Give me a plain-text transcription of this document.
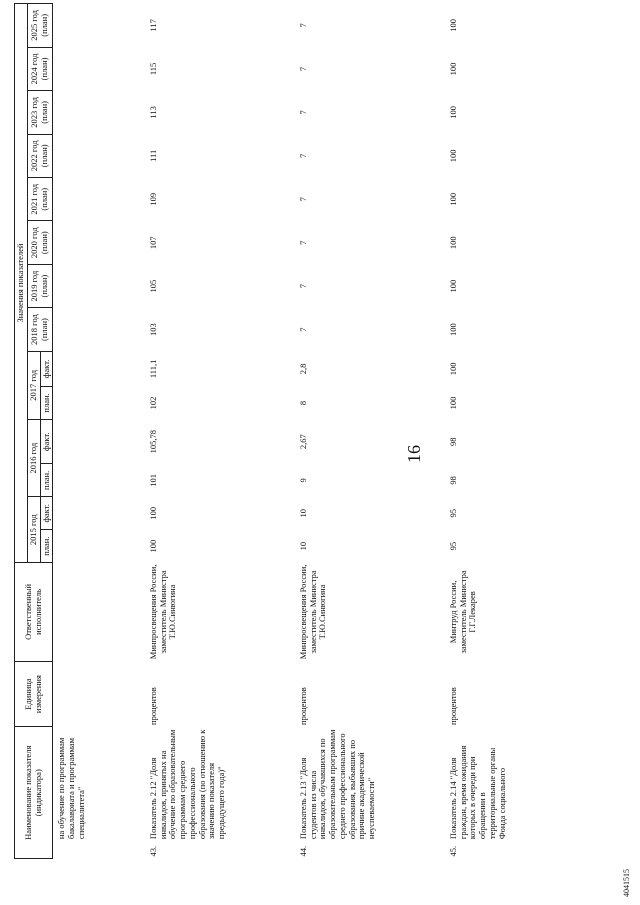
16
Наименование показателя (индикатора)		Единица измерения	Ответственный исполнитель	Значения показателей													
				2015 год		2016 год		2017 год		2018 год (план)	2019 год (план)	2020 год (план)	2021 год (план)	2022 год (план)	2023 год (план)	2024 год (план)	2025 год (план)
				план.	факт.	план.	факт.	план.	факт.								
	на обучение по программам бакалавриата и программам специалитета"																
43.	Показатель 2.12 "Доля инвалидов, принятых на обучение по образовательным программам среднего профессионального образования (по отношению к значению показателя предыдущего года)"	процентов	Минпросвещения России, заместитель Министра Т.Ю.Синюгина	100	100	101	105,78	102	111,1	103	105	107	109	111	113	115	117
44.	Показатель 2.13 "Доля студентов из числа инвалидов, обучавшихся по образовательным программам среднего профессионального образования, выбывших по причине академической неуспеваемости"	процентов	Минпросвещения России, заместитель Министра Т.Ю.Синюгина	10	10	9	2,67	8	2,8	7	7	7	7	7	7	7	7
45.	Показатель 2.14 "Доля граждан, время ожидания которых в очереди при обращении в территориальные органы Фонда социального	процентов	Минтруд России, заместитель Министра Г.Г.Лекарев	95	95	98	98	100	100	100	100	100	100	100	100	100	100
4041515
